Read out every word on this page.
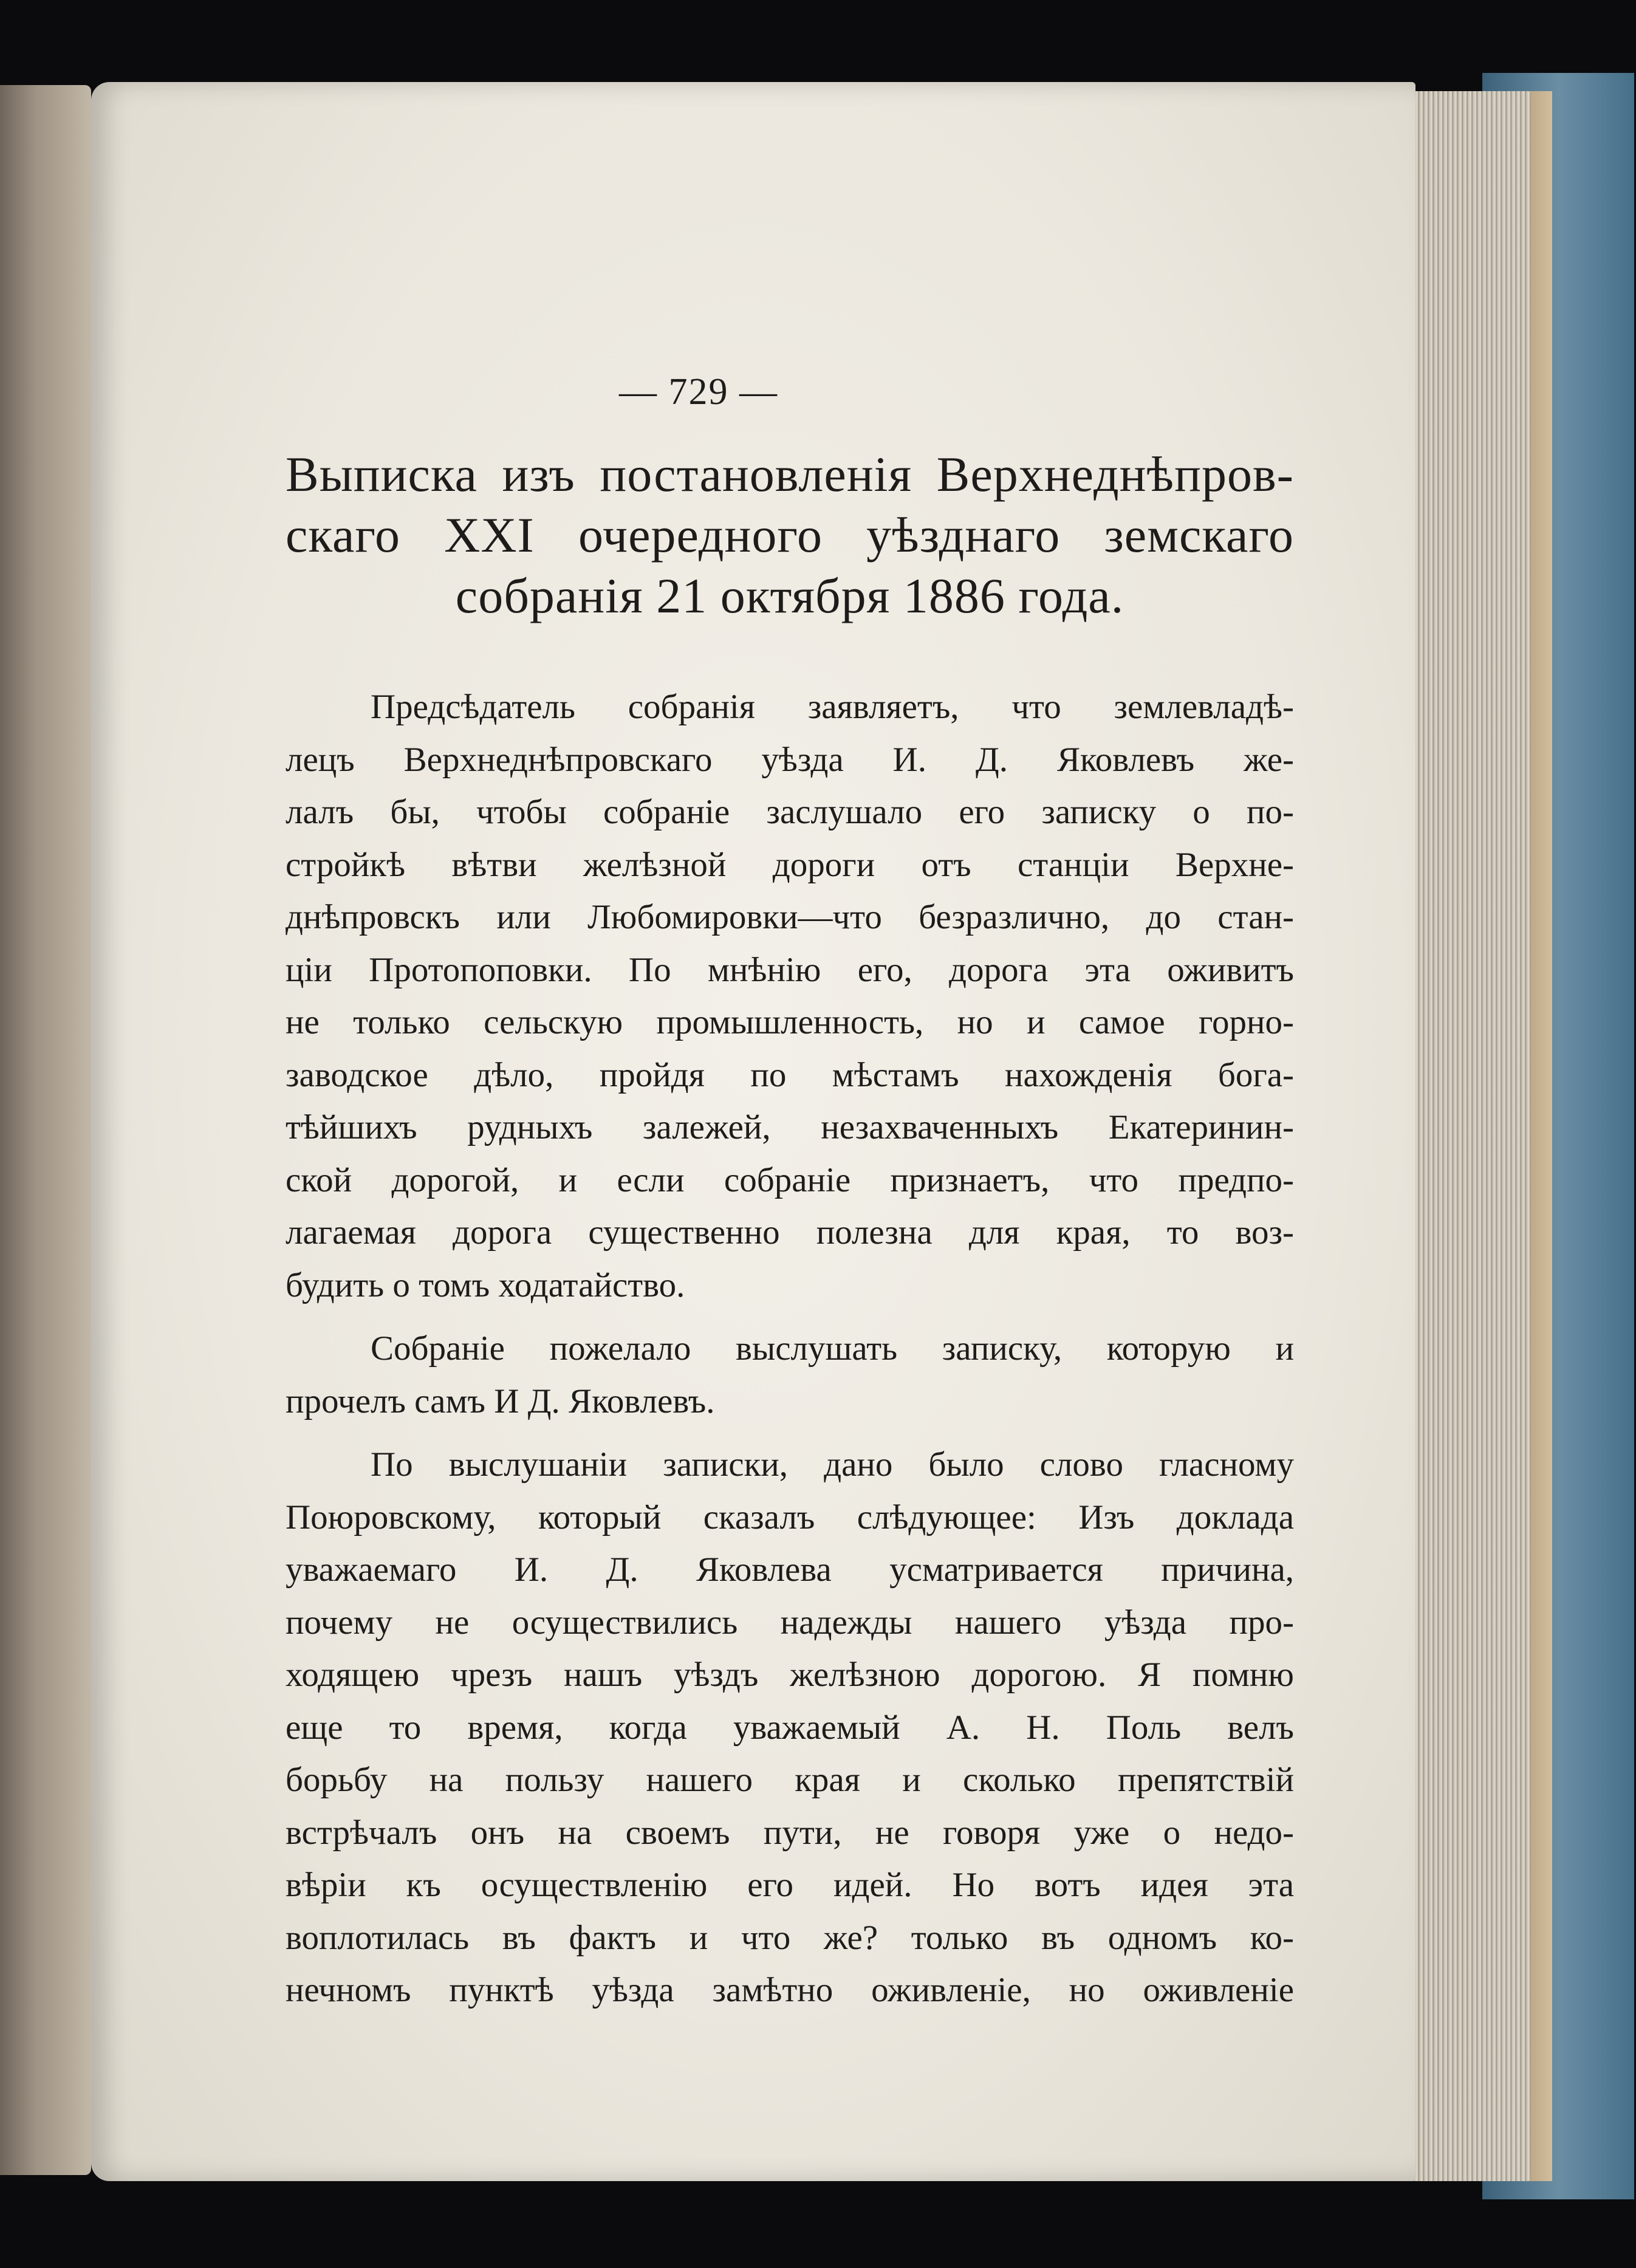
— 729 —
Выписка изъ постановленія Верхнеднѣпров-
скаго XXI очередного уѣзднаго земскаго
собранія 21 октября 1886 года.

Предсѣдатель собранія заявляетъ, что землевладѣ-
лецъ Верхнеднѣпровскаго уѣзда И. Д. Яковлевъ же-
лалъ бы, чтобы собраніе заслушало его записку о по-
стройкѣ вѣтви желѣзной дороги отъ станціи Верхне-
днѣпровскъ или Любомировки—что безразлично, до стан-
ціи Протопоповки. По мнѣнію его, дорога эта оживитъ
не только сельскую промышленность, но и самое горно-
заводское дѣло, пройдя по мѣстамъ нахожденія бога-
тѣйшихъ рудныхъ залежей, незахваченныхъ Екатеринин-
ской дорогой, и если собраніе признаетъ, что предпо-
лагаемая дорога существенно полезна для края, то воз-
будить о томъ ходатайство.

Собраніе пожелало выслушать записку, которую и
прочелъ самъ И Д. Яковлевъ.

По выслушаніи записки, дано было слово гласному
Поюровскому, который сказалъ слѣдующее: Изъ доклада
уважаемаго И. Д. Яковлева усматривается причина,
почему не осуществились надежды нашего уѣзда про-
ходящею чрезъ нашъ уѣздъ желѣзною дорогою. Я помню
еще то время, когда уважаемый А. Н. Поль велъ
борьбу на пользу нашего края и сколько препятствій
встрѣчалъ онъ на своемъ пути, не говоря уже о недо-
вѣріи къ осуществленію его идей. Но вотъ идея эта
воплотилась въ фактъ и что же? только въ одномъ ко-
нечномъ пунктѣ уѣзда замѣтно оживленіе, но оживленіе
